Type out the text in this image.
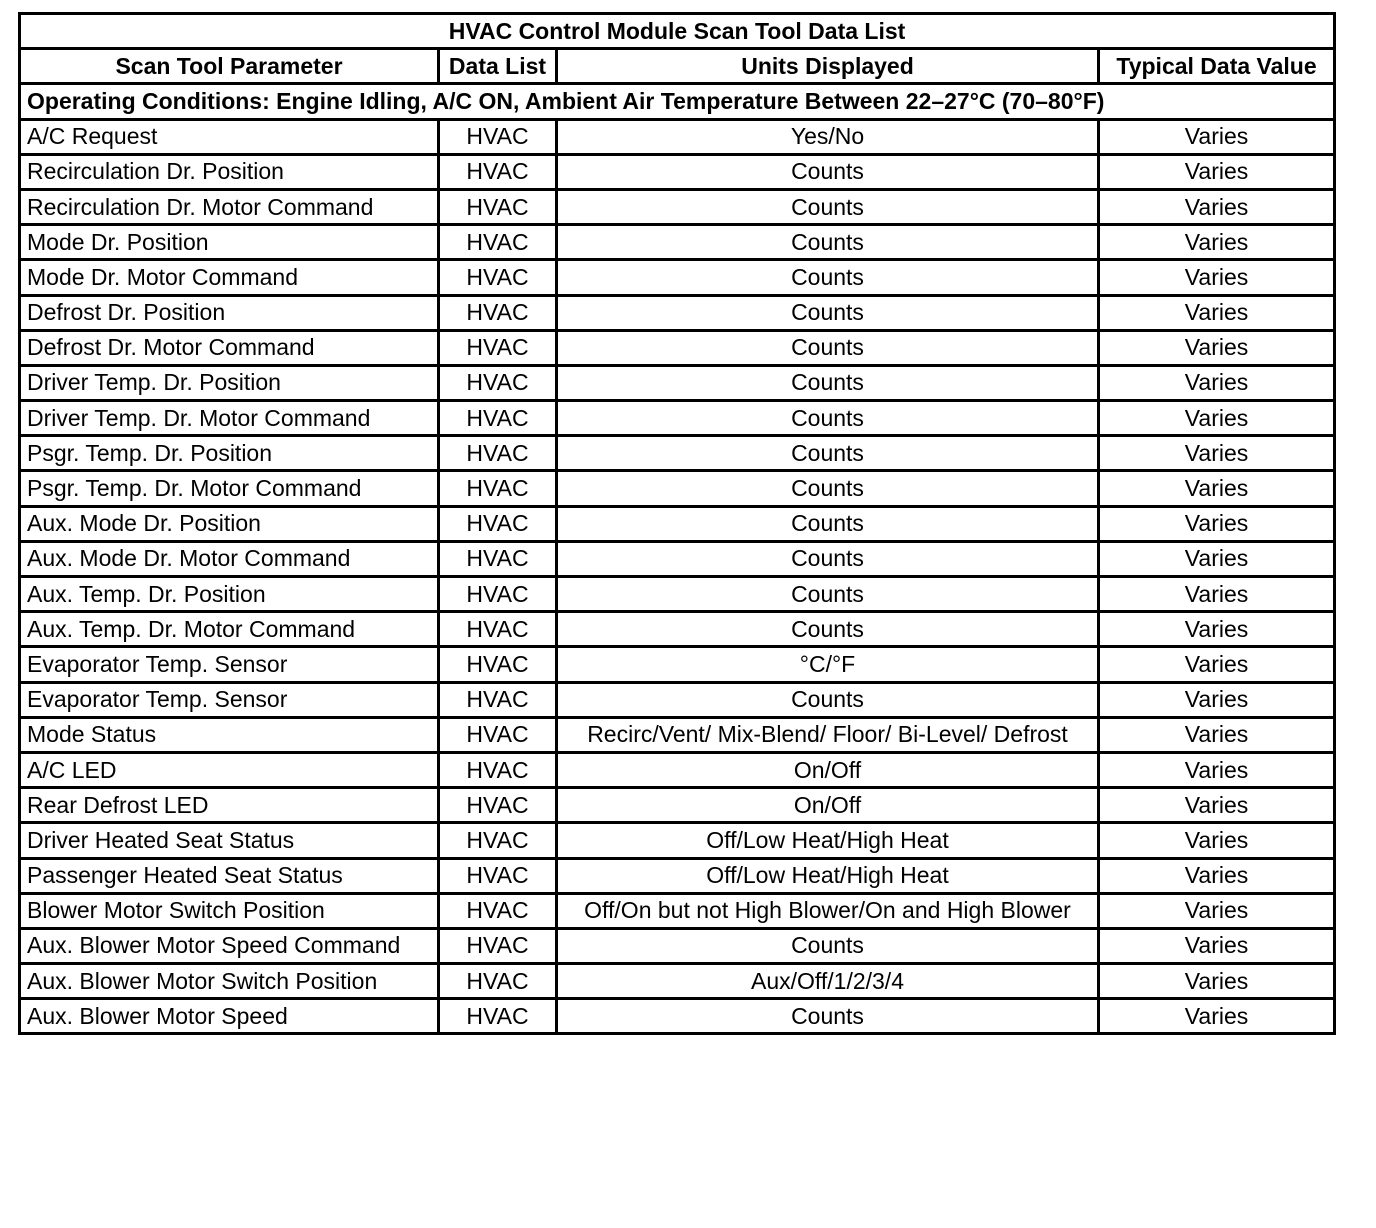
HVAC Control Module Scan Tool Data List			
Scan Tool Parameter	Data List	Units Displayed	Typical Data Value
Operating Conditions: Engine Idling, A/C ON, Ambient Air Temperature Between 22–27°C (70–80°F)			
A/C Request	HVAC	Yes/No	Varies
Recirculation Dr. Position	HVAC	Counts	Varies
Recirculation Dr. Motor Command	HVAC	Counts	Varies
Mode Dr. Position	HVAC	Counts	Varies
Mode Dr. Motor Command	HVAC	Counts	Varies
Defrost Dr. Position	HVAC	Counts	Varies
Defrost Dr. Motor Command	HVAC	Counts	Varies
Driver Temp. Dr. Position	HVAC	Counts	Varies
Driver Temp. Dr. Motor Command	HVAC	Counts	Varies
Psgr. Temp. Dr. Position	HVAC	Counts	Varies
Psgr. Temp. Dr. Motor Command	HVAC	Counts	Varies
Aux. Mode Dr. Position	HVAC	Counts	Varies
Aux. Mode Dr. Motor Command	HVAC	Counts	Varies
Aux. Temp. Dr. Position	HVAC	Counts	Varies
Aux. Temp. Dr. Motor Command	HVAC	Counts	Varies
Evaporator Temp. Sensor	HVAC	°C/°F	Varies
Evaporator Temp. Sensor	HVAC	Counts	Varies
Mode Status	HVAC	Recirc/Vent/ Mix-Blend/ Floor/ Bi-Level/ Defrost	Varies
A/C LED	HVAC	On/Off	Varies
Rear Defrost LED	HVAC	On/Off	Varies
Driver Heated Seat Status	HVAC	Off/Low Heat/High Heat	Varies
Passenger Heated Seat Status	HVAC	Off/Low Heat/High Heat	Varies
Blower Motor Switch Position	HVAC	Off/On but not High Blower/On and High Blower	Varies
Aux. Blower Motor Speed Command	HVAC	Counts	Varies
Aux. Blower Motor Switch Position	HVAC	Aux/Off/1/2/3/4	Varies
Aux. Blower Motor Speed	HVAC	Counts	Varies
